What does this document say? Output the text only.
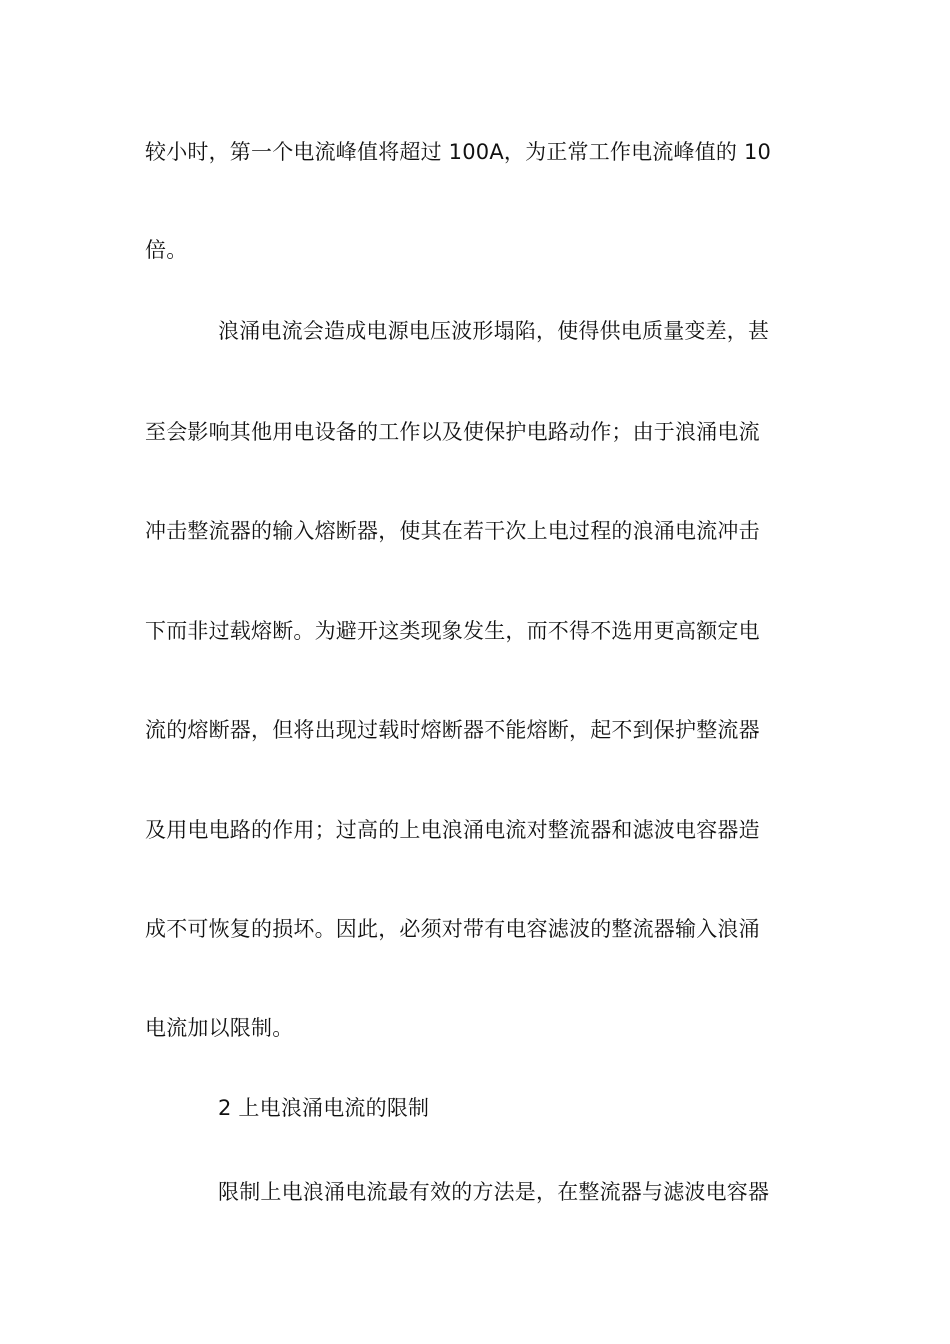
较小时，第一个电流峰值将超过 100A，为正常工作电流峰值的 10
倍。
浪涌电流会造成电源电压波形塌陷，使得供电质量变差，甚
至会影响其他用电设备的工作以及使保护电路动作；由于浪涌电流
冲击整流器的输入熔断器，使其在若干次上电过程的浪涌电流冲击
下而非过载熔断。为避开这类现象发生，而不得不选用更高额定电
流的熔断器，但将出现过载时熔断器不能熔断，起不到保护整流器
及用电电路的作用；过高的上电浪涌电流对整流器和滤波电容器造
成不可恢复的损坏。因此，必须对带有电容滤波的整流器输入浪涌
电流加以限制。
2 上电浪涌电流的限制
限制上电浪涌电流最有效的方法是，在整流器与滤波电容器
